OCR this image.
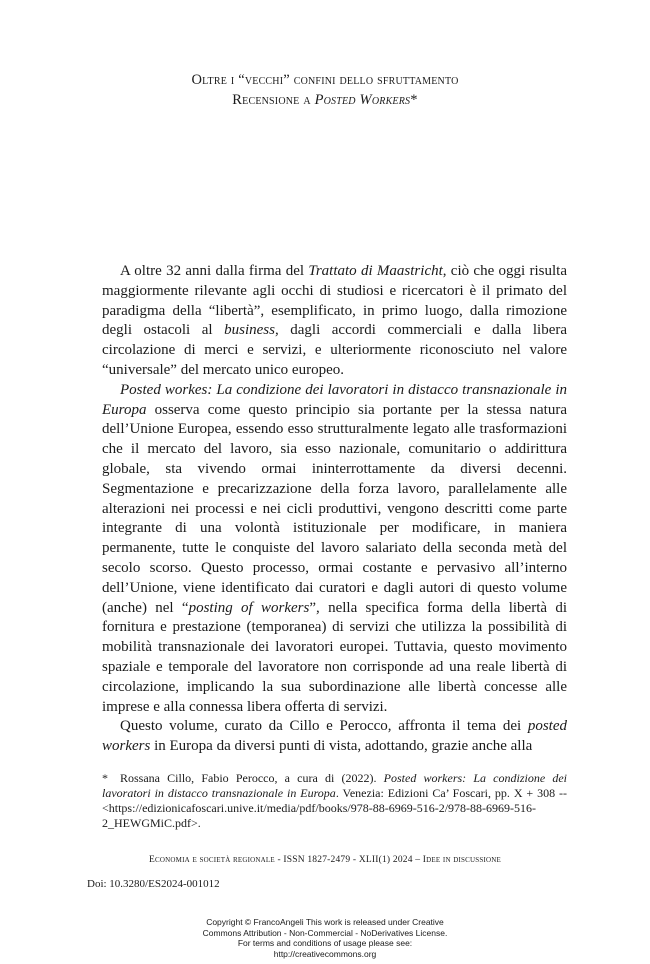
Oltre i “vecchi” confini dello sfruttamento
Recensione a Posted Workers*

A oltre 32 anni dalla firma del Trattato di Maastricht, ciò che oggi risulta maggiormente rilevante agli occhi di studiosi e ricercatori è il primato del paradigma della “libertà”, esemplificato, in primo luogo, dalla rimozione degli ostacoli al business, dagli accordi commerciali e dalla libera circolazione di merci e servizi, e ulteriormente riconosciuto nel valore “universale” del mercato unico europeo.

Posted workes: La condizione dei lavoratori in distacco transnazionale in Europa osserva come questo principio sia portante per la stessa natura dell’Unione Europea, essendo esso strutturalmente legato alle trasformazioni che il mercato del lavoro, sia esso nazionale, comunitario o addirittura globale, sta vivendo ormai ininterrottamente da diversi decenni. Segmentazione e precarizzazione della forza lavoro, parallelamente alle alterazioni nei processi e nei cicli produttivi, vengono descritti come parte integrante di una volontà istituzionale per modificare, in maniera permanente, tutte le conquiste del lavoro salariato della seconda metà del secolo scorso. Questo processo, ormai costante e pervasivo all’interno dell’Unione, viene identificato dai curatori e dagli autori di questo volume (anche) nel “posting of workers”, nella specifica forma della libertà di fornitura e prestazione (temporanea) di servizi che utilizza la possibilità di mobilità transnazionale dei lavoratori europei. Tuttavia, questo movimento spaziale e temporale del lavoratore non corrisponde ad una reale libertà di circolazione, implicando la sua subordinazione alle libertà concesse alle imprese e alla connessa libera offerta di servizi.

Questo volume, curato da Cillo e Perocco, affronta il tema dei posted workers in Europa da diversi punti di vista, adottando, grazie anche alla

* Rossana Cillo, Fabio Perocco, a cura di (2022). Posted workers: La condizione dei lavoratori in distacco transnazionale in Europa. Venezia: Edizioni Ca’ Foscari, pp. X + 308 -- <https://edizionicafoscari.unive.it/media/pdf/books/978-88-6969-516-2/978-88-6969-516-2_HEWGMiC.pdf>.
Economia e società regionale - ISSN 1827-2479 - XLII(1) 2024 – Idee in discussione
Doi: 10.3280/ES2024-001012
Copyright © FrancoAngeli This work is released under Creative
Commons Attribution - Non-Commercial - NoDerivatives License.
For terms and conditions of usage please see:
http://creativecommons.org
